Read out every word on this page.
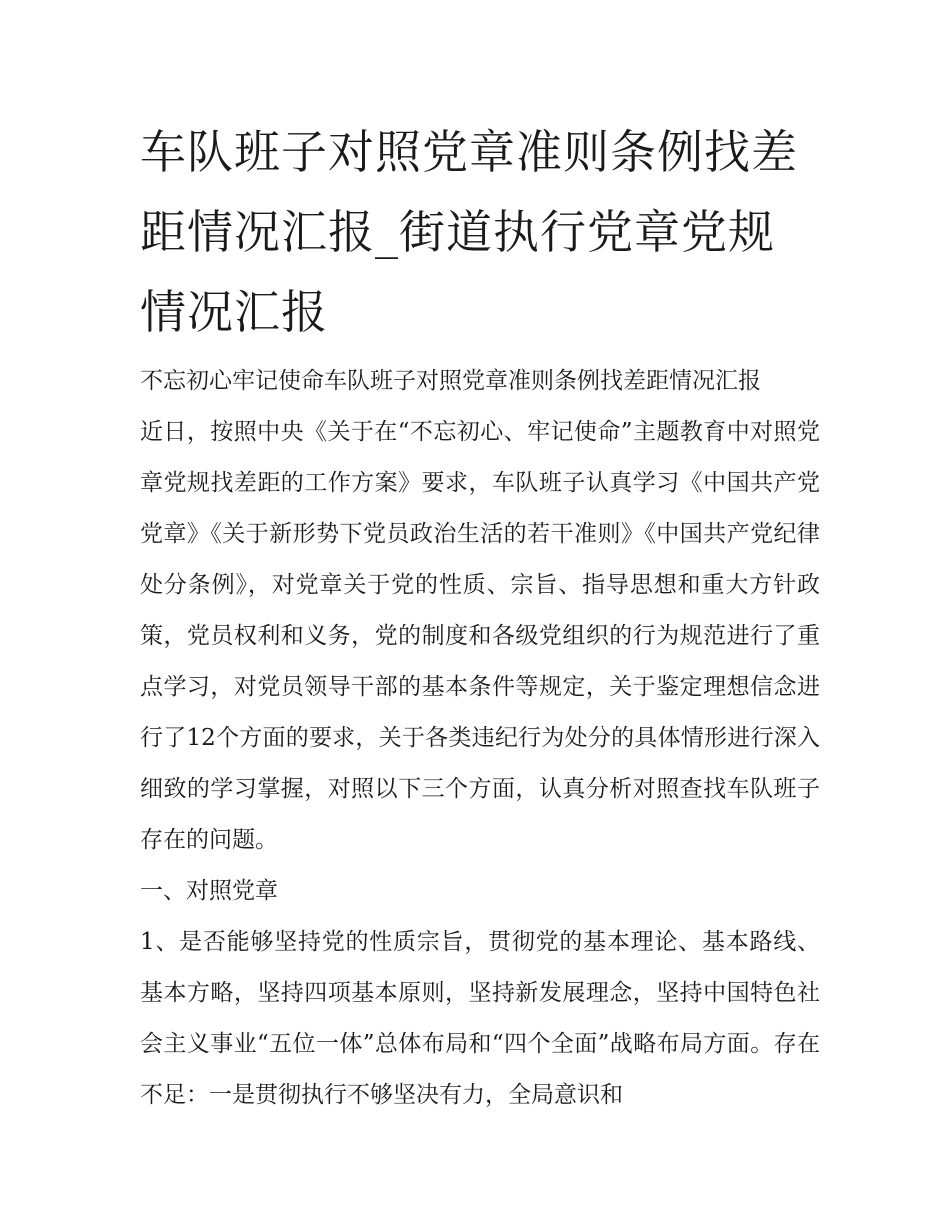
车队班子对照党章准则条例找差距情况汇报_街道执行党章党规情况汇报

不忘初心牢记使命车队班子对照党章准则条例找差距情况汇报

近日，按照中央《关于在“不忘初心、牢记使命”主题教育中对照党章党规找差距的工作方案》要求，车队班子认真学习《中国共产党党章》《关于新形势下党员政治生活的若干准则》《中国共产党纪律处分条例》，对党章关于党的性质、宗旨、指导思想和重大方针政策，党员权利和义务，党的制度和各级党组织的行为规范进行了重点学习，对党员领导干部的基本条件等规定，关于鉴定理想信念进行了12个方面的要求，关于各类违纪行为处分的具体情形进行深入细致的学习掌握，对照以下三个方面，认真分析对照查找车队班子存在的问题。

一、对照党章

1、是否能够坚持党的性质宗旨，贯彻党的基本理论、基本路线、基本方略，坚持四项基本原则，坚持新发展理念，坚持中国特色社会主义事业“五位一体”总体布局和“四个全面”战略布局方面。存在不足：一是贯彻执行不够坚决有力，全局意识和
